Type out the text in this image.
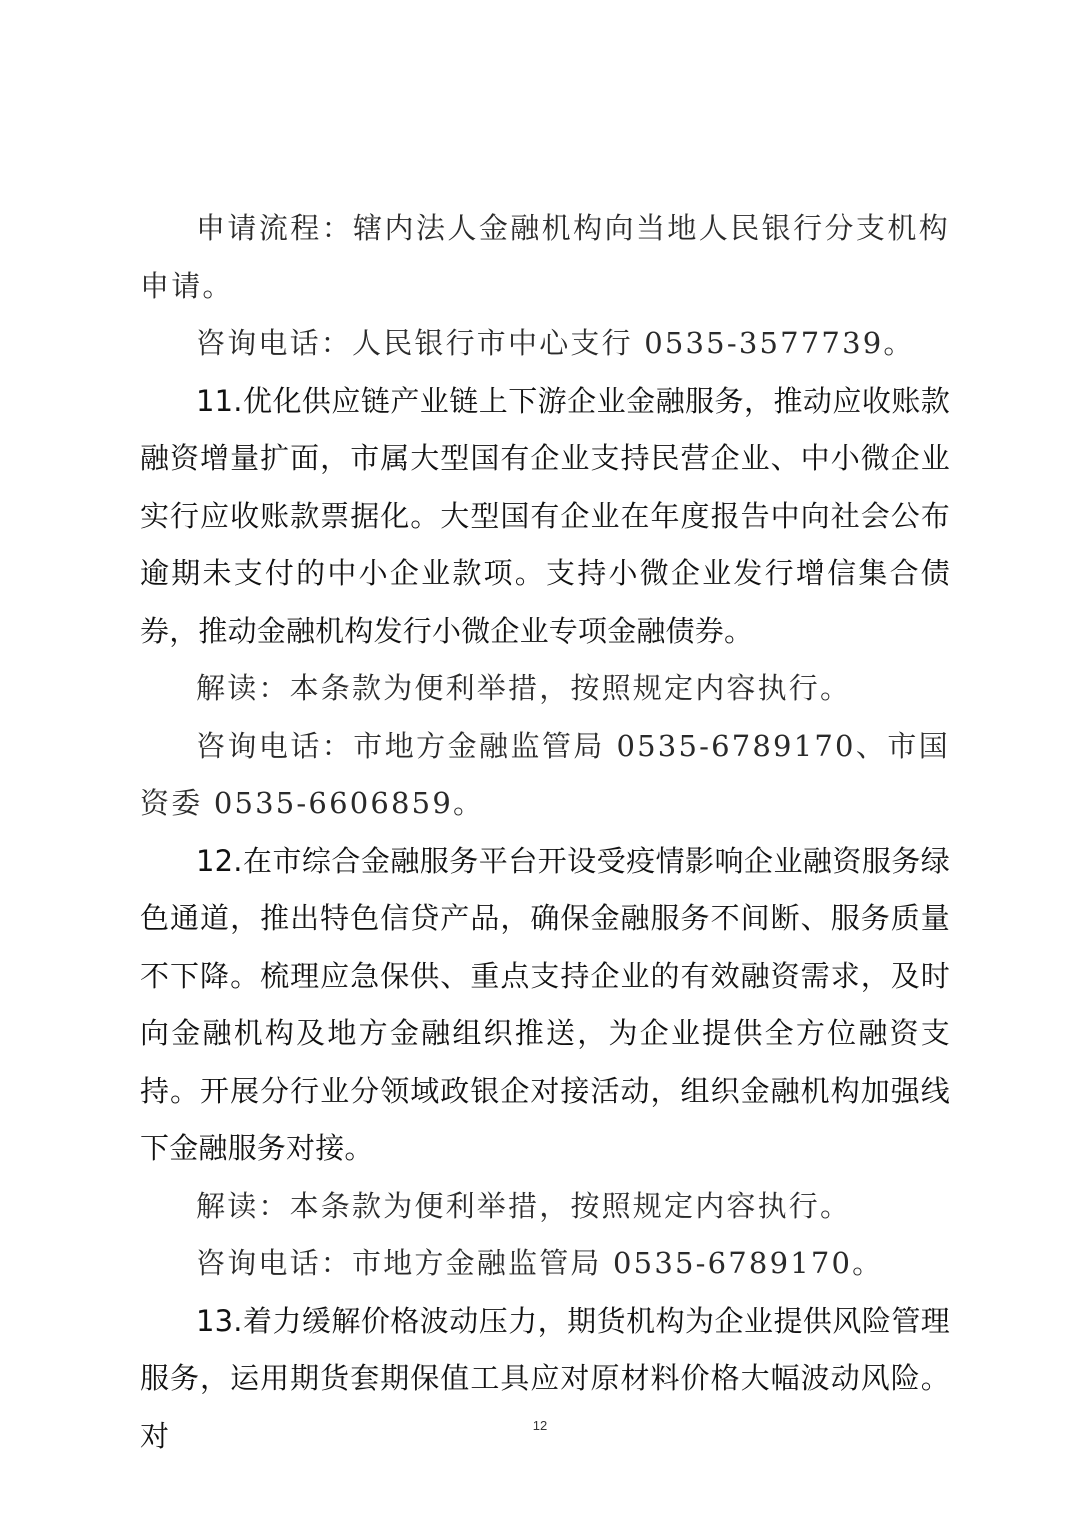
申请流程：辖内法人金融机构向当地人民银行分支机构申请。

咨询电话：人民银行市中心支行 0535-3577739。

11.优化供应链产业链上下游企业金融服务，推动应收账款融资增量扩面，市属大型国有企业支持民营企业、中小微企业实行应收账款票据化。大型国有企业在年度报告中向社会公布逾期未支付的中小企业款项。支持小微企业发行增信集合债券，推动金融机构发行小微企业专项金融债券。

解读：本条款为便利举措，按照规定内容执行。

咨询电话：市地方金融监管局 0535-6789170、市国资委 0535-6606859。

12.在市综合金融服务平台开设受疫情影响企业融资服务绿色通道，推出特色信贷产品，确保金融服务不间断、服务质量不下降。梳理应急保供、重点支持企业的有效融资需求，及时向金融机构及地方金融组织推送，为企业提供全方位融资支持。开展分行业分领域政银企对接活动，组织金融机构加强线下金融服务对接。

解读：本条款为便利举措，按照规定内容执行。

咨询电话：市地方金融监管局 0535-6789170。

13.着力缓解价格波动压力，期货机构为企业提供风险管理服务，运用期货套期保值工具应对原材料价格大幅波动风险。对	12
